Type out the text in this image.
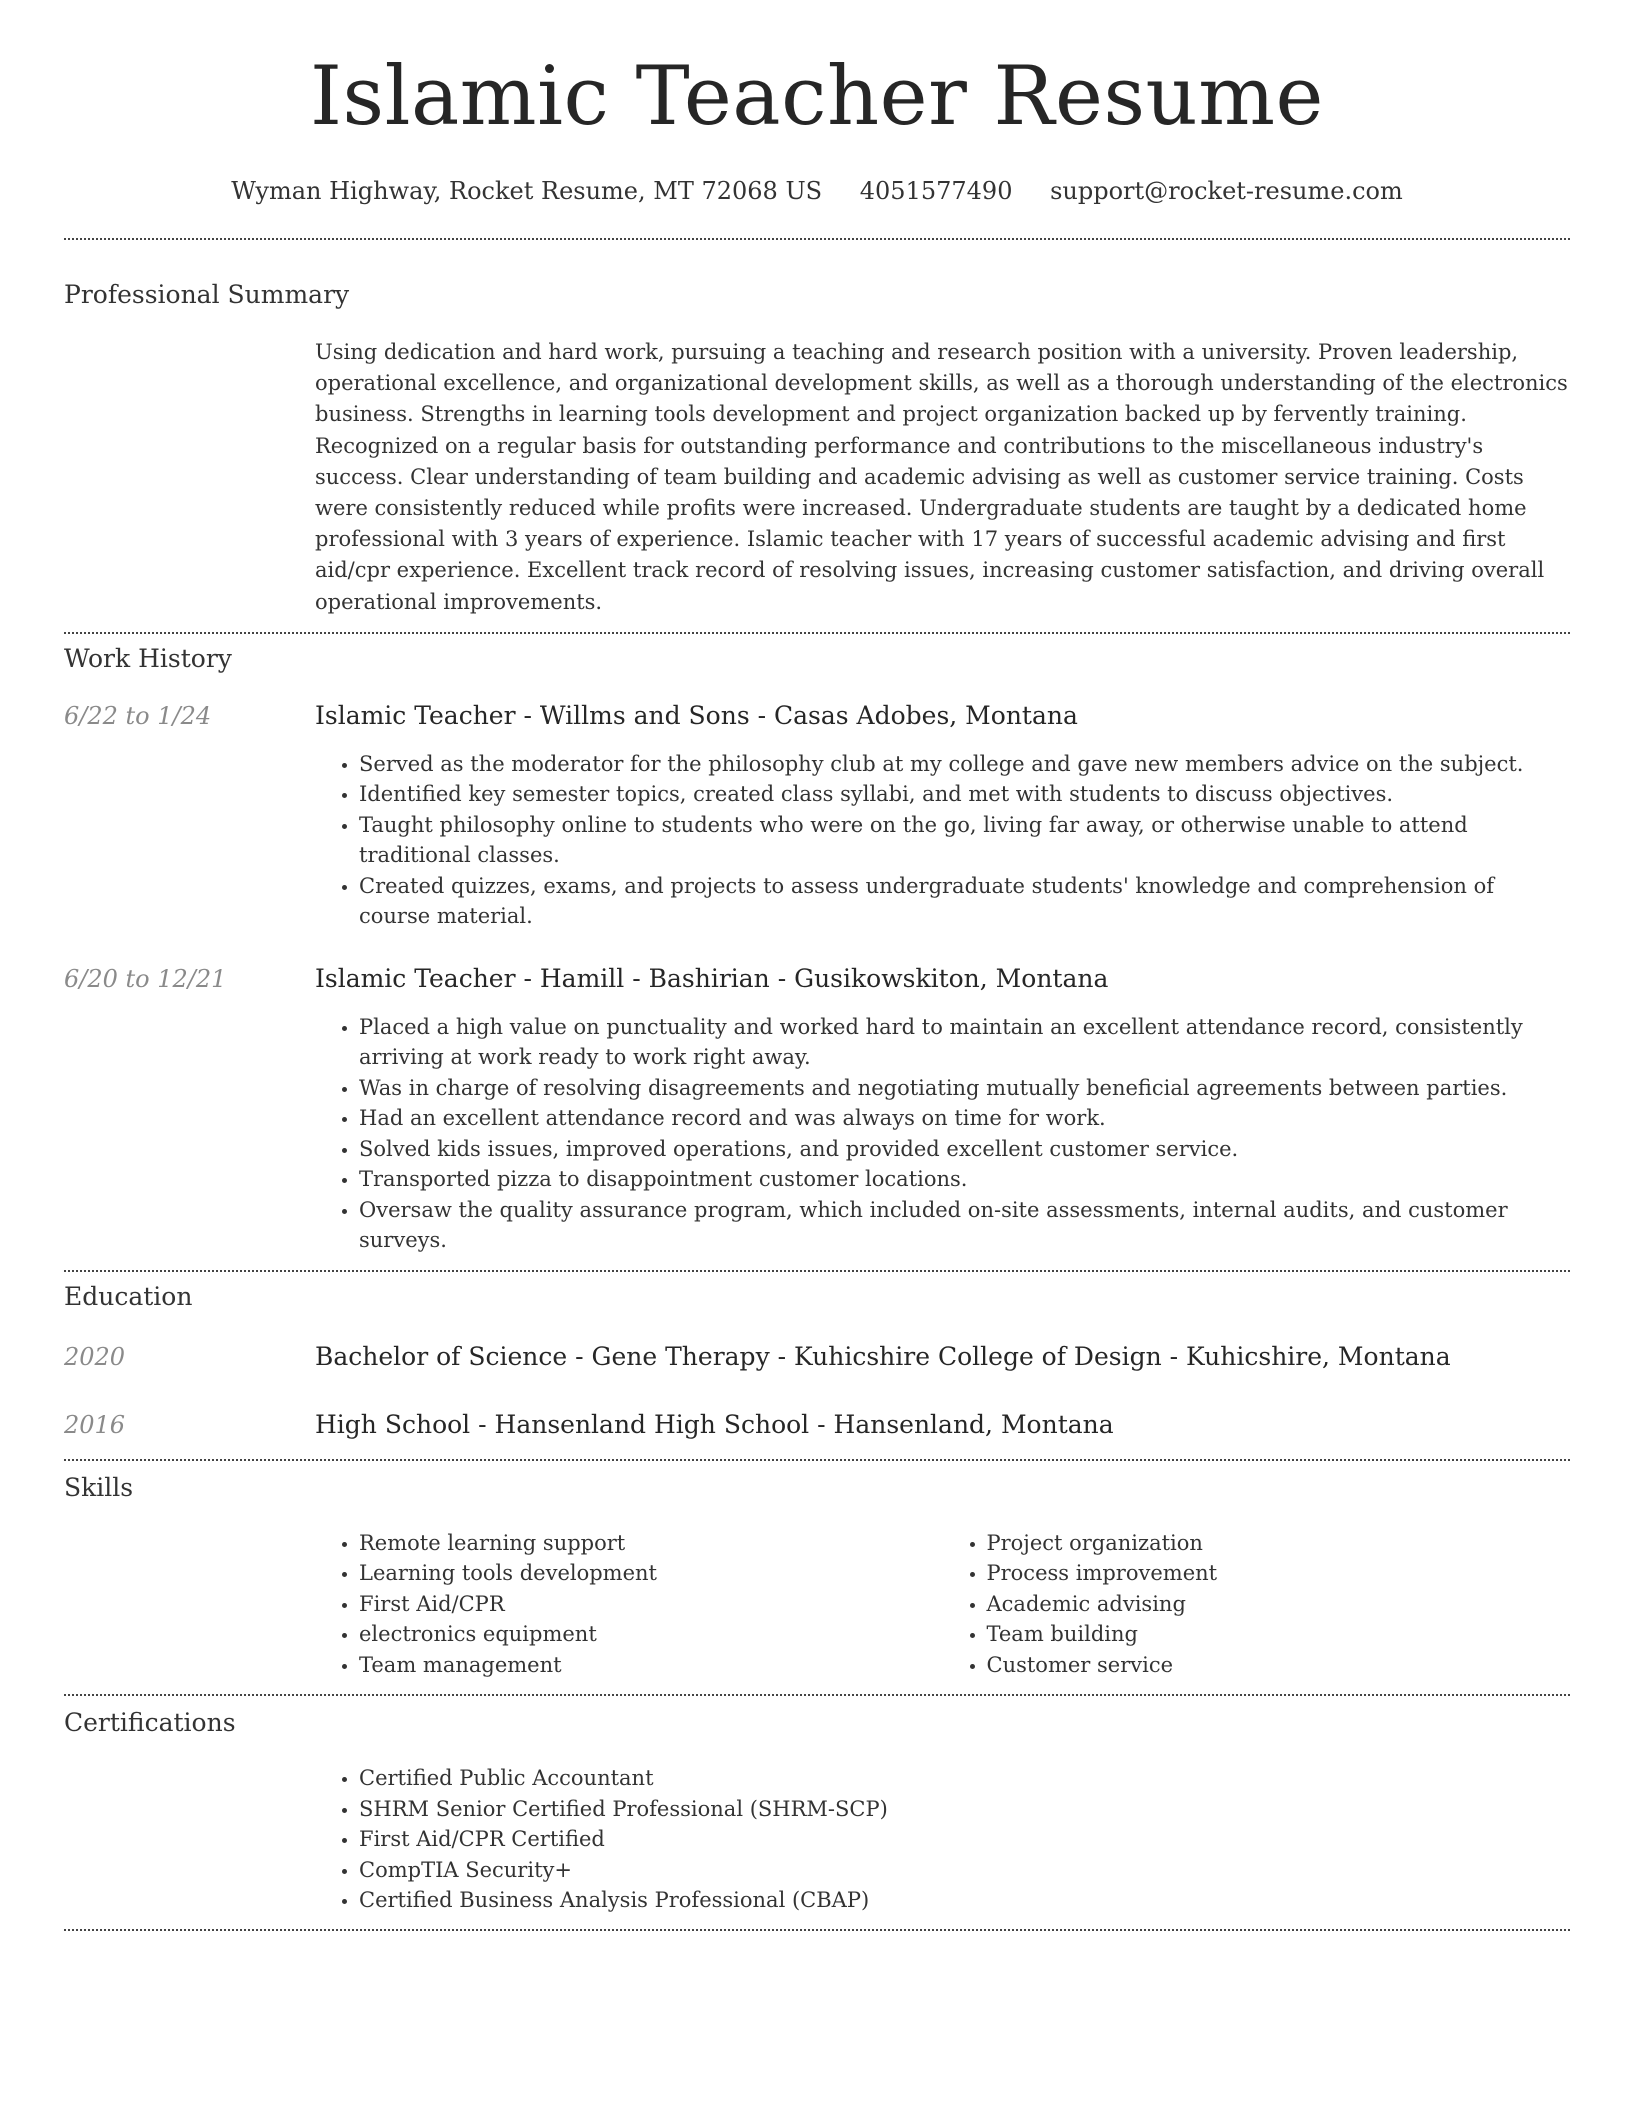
Islamic Teacher Resume
Wyman Highway, Rocket Resume, MT 72068 US 4051577490 support@rocket-resume.com
Professional Summary

Using dedication and hard work, pursuing a teaching and research position with a university. Proven leadership, operational excellence, and organizational development skills, as well as a thorough understanding of the electronics business. Strengths in learning tools development and project organization backed up by fervently training. Recognized on a regular basis for outstanding performance and contributions to the miscellaneous industry's success. Clear understanding of team building and academic advising as well as customer service training. Costs were consistently reduced while profits were increased. Undergraduate students are taught by a dedicated home professional with 3 years of experience. Islamic teacher with 17 years of successful academic advising and first aid/cpr experience. Excellent track record of resolving issues, increasing customer satisfaction, and driving overall operational improvements.

Work History
6/22 to 1/24	Islamic Teacher - Willms and Sons - Casas Adobes, Montana
• Served as the moderator for the philosophy club at my college and gave new members advice on the subject.
• Identified key semester topics, created class syllabi, and met with students to discuss objectives.
• Taught philosophy online to students who were on the go, living far away, or otherwise unable to attend traditional classes.
• Created quizzes, exams, and projects to assess undergraduate students' knowledge and comprehension of course material.
6/20 to 12/21	Islamic Teacher - Hamill - Bashirian - Gusikowskiton, Montana
• Placed a high value on punctuality and worked hard to maintain an excellent attendance record, consistently arriving at work ready to work right away.
• Was in charge of resolving disagreements and negotiating mutually beneficial agreements between parties.
• Had an excellent attendance record and was always on time for work.
• Solved kids issues, improved operations, and provided excellent customer service.
• Transported pizza to disappointment customer locations.
• Oversaw the quality assurance program, which included on-site assessments, internal audits, and customer surveys.
Education
2020	Bachelor of Science - Gene Therapy - Kuhicshire College of Design - Kuhicshire, Montana
2016	High School - Hansenland High School - Hansenland, Montana
Skills
• Remote learning support
• Learning tools development
• First Aid/CPR
• electronics equipment
• Team management
• Project organization
• Process improvement
• Academic advising
• Team building
• Customer service
Certifications
• Certified Public Accountant
• SHRM Senior Certified Professional (SHRM-SCP)
• First Aid/CPR Certified
• CompTIA Security+
• Certified Business Analysis Professional (CBAP)
